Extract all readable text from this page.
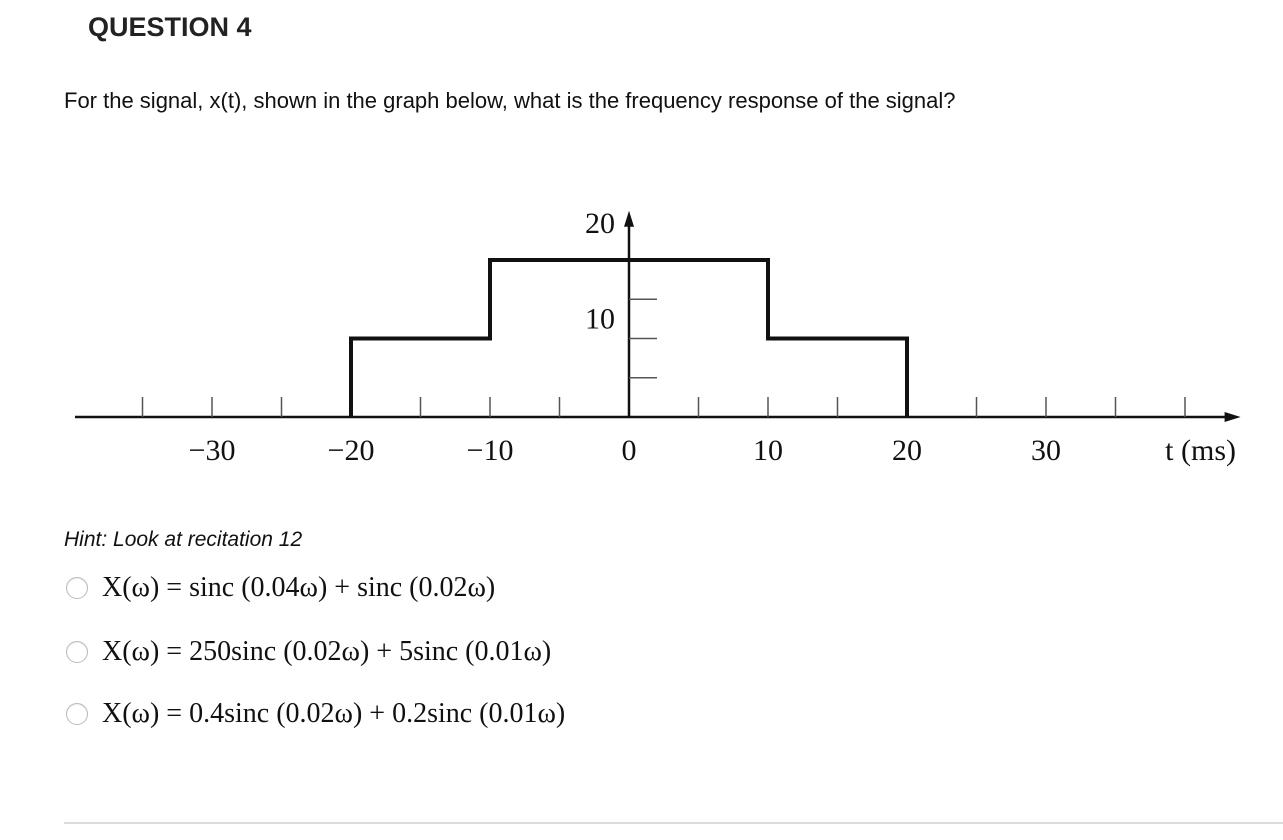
QUESTION 4
For the signal, x(t), shown in the graph below, what is the frequency response of the signal?
−30	−20	−10	0	10	20	30	t (ms)
10
20
Hint: Look at recitation 12
X(ω) = sinc (0.04ω) + sinc (0.02ω)
X(ω) = 250sinc (0.02ω) + 5sinc (0.01ω)
X(ω) = 0.4sinc (0.02ω) + 0.2sinc (0.01ω)
